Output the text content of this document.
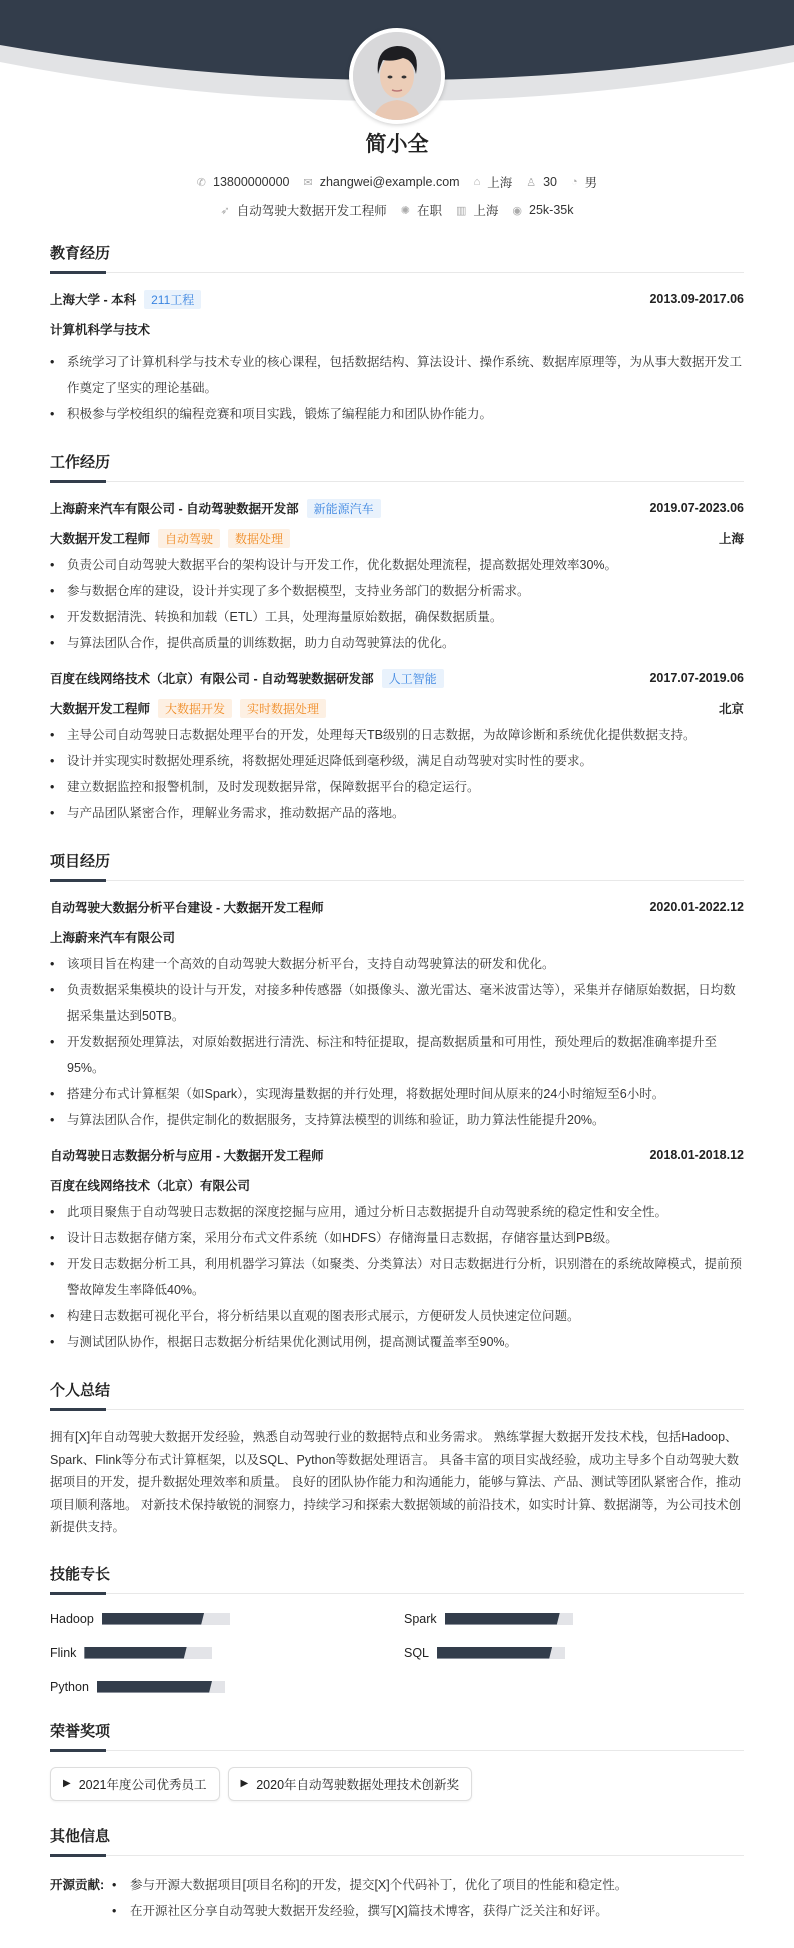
简小全
✆ 13800000000 ✉ zhangwei@example.com ⌂ 上海 ♙ 30 ◔ 男
➶ 自动驾驶大数据开发工程师 ✺ 在职 ▥ 上海 ◉ 25k-35k
教育经历
上海大学 - 本科	211工程	2013.09-2017.06
计算机科学与技术
• 系统学习了计算机科学与技术专业的核心课程，包括数据结构、算法设计、操作系统、数据库原理等，为从事大数据开发工作奠定了坚实的理论基础。
• 积极参与学校组织的编程竞赛和项目实践，锻炼了编程能力和团队协作能力。
工作经历
上海蔚来汽车有限公司 - 自动驾驶数据开发部	新能源汽车	2019.07-2023.06
大数据开发工程师	自动驾驶	数据处理	上海
• 负责公司自动驾驶大数据平台的架构设计与开发工作，优化数据处理流程，提高数据处理效率30%。
• 参与数据仓库的建设，设计并实现了多个数据模型，支持业务部门的数据分析需求。
• 开发数据清洗、转换和加载（ETL）工具，处理海量原始数据，确保数据质量。
• 与算法团队合作，提供高质量的训练数据，助力自动驾驶算法的优化。
百度在线网络技术（北京）有限公司 - 自动驾驶数据研发部	人工智能	2017.07-2019.06
大数据开发工程师	大数据开发	实时数据处理	北京
• 主导公司自动驾驶日志数据处理平台的开发，处理每天TB级别的日志数据，为故障诊断和系统优化提供数据支持。
• 设计并实现实时数据处理系统，将数据处理延迟降低到毫秒级，满足自动驾驶对实时性的要求。
• 建立数据监控和报警机制，及时发现数据异常，保障数据平台的稳定运行。
• 与产品团队紧密合作，理解业务需求，推动数据产品的落地。
项目经历
自动驾驶大数据分析平台建设 - 大数据开发工程师	2020.01-2022.12
上海蔚来汽车有限公司
• 该项目旨在构建一个高效的自动驾驶大数据分析平台，支持自动驾驶算法的研发和优化。
• 负责数据采集模块的设计与开发，对接多种传感器（如摄像头、激光雷达、毫米波雷达等），采集并存储原始数据，日均数据采集量达到50TB。
• 开发数据预处理算法，对原始数据进行清洗、标注和特征提取，提高数据质量和可用性，预处理后的数据准确率提升至95%。
• 搭建分布式计算框架（如Spark），实现海量数据的并行处理，将数据处理时间从原来的24小时缩短至6小时。
• 与算法团队合作，提供定制化的数据服务，支持算法模型的训练和验证，助力算法性能提升20%。
自动驾驶日志数据分析与应用 - 大数据开发工程师	2018.01-2018.12
百度在线网络技术（北京）有限公司
• 此项目聚焦于自动驾驶日志数据的深度挖掘与应用，通过分析日志数据提升自动驾驶系统的稳定性和安全性。
• 设计日志数据存储方案，采用分布式文件系统（如HDFS）存储海量日志数据，存储容量达到PB级。
• 开发日志数据分析工具，利用机器学习算法（如聚类、分类算法）对日志数据进行分析，识别潜在的系统故障模式，提前预警故障发生率降低40%。
• 构建日志数据可视化平台，将分析结果以直观的图表形式展示，方便研发人员快速定位问题。
• 与测试团队协作，根据日志数据分析结果优化测试用例，提高测试覆盖率至90%。
个人总结

拥有[X]年自动驾驶大数据开发经验，熟悉自动驾驶行业的数据特点和业务需求。 熟练掌握大数据开发技术栈，包括Hadoop、Spark、Flink等分布式计算框架，以及SQL、Python等数据处理语言。 具备丰富的项目实战经验，成功主导多个自动驾驶大数据项目的开发，提升数据处理效率和质量。 良好的团队协作能力和沟通能力，能够与算法、产品、测试等团队紧密合作，推动项目顺利落地。 对新技术保持敏锐的洞察力，持续学习和探索大数据领域的前沿技术，如实时计算、数据湖等，为公司技术创新提供支持。

技能专长
Hadoop	Spark
Flink	SQL
Python
荣誉奖项
▶ 2021年度公司优秀员工	▶ 2020年自动驾驶数据处理技术创新奖
其他信息
开源贡献:	• 参与开源大数据项目[项目名称]的开发，提交[X]个代码补丁，优化了项目的性能和稳定性。
• 在开源社区分享自动驾驶大数据开发经验，撰写[X]篇技术博客，获得广泛关注和好评。
